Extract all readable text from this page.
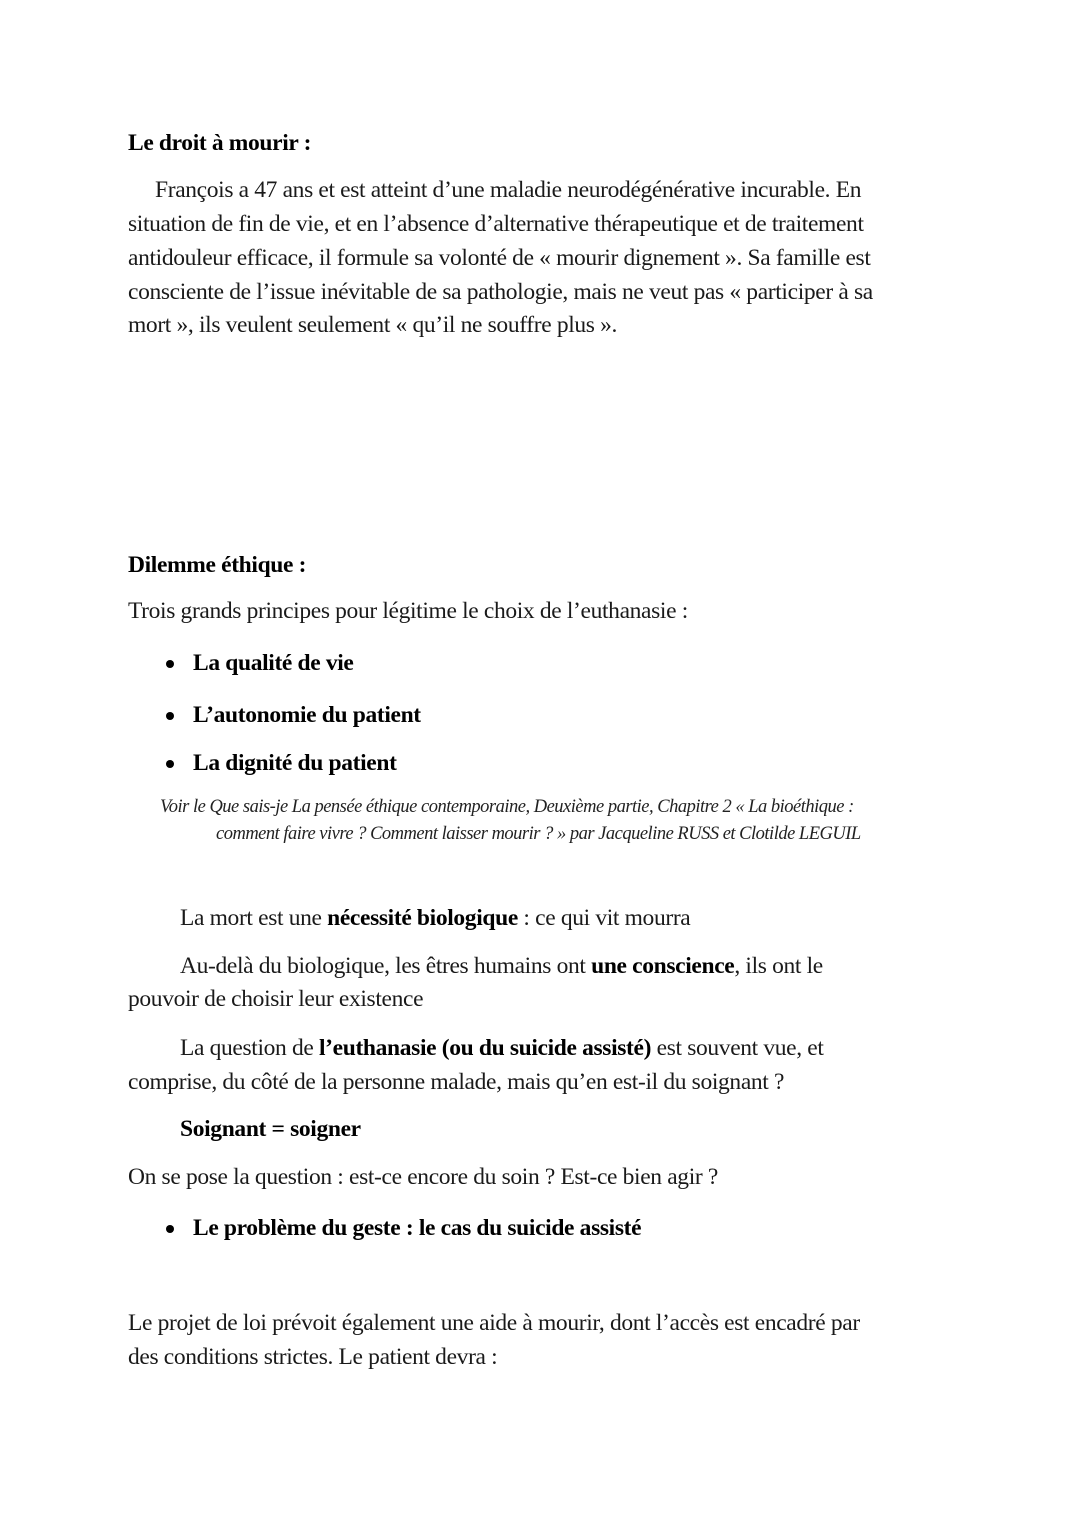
Le droit à mourir :
François a 47 ans et est atteint d’une maladie neurodégénérative incurable. En
situation de fin de vie, et en l’absence d’alternative thérapeutique et de traitement
antidouleur efficace, il formule sa volonté de « mourir dignement ». Sa famille est
consciente de l’issue inévitable de sa pathologie, mais ne veut pas « participer à sa
mort », ils veulent seulement « qu’il ne souffre plus ».
Dilemme éthique :
Trois grands principes pour légitime le choix de l’euthanasie :
La qualité de vie
L’autonomie du patient
La dignité du patient
Voir le Que sais-je La pensée éthique contemporaine, Deuxième partie, Chapitre 2 « La bioéthique :
comment faire vivre ? Comment laisser mourir ? » par Jacqueline RUSS et Clotilde LEGUIL
La mort est une nécessité biologique : ce qui vit mourra
Au-delà du biologique, les êtres humains ont une conscience, ils ont le
pouvoir de choisir leur existence
La question de l’euthanasie (ou du suicide assisté) est souvent vue, et
comprise, du côté de la personne malade, mais qu’en est-il du soignant ?
Soignant = soigner
On se pose la question : est-ce encore du soin ? Est-ce bien agir ?
Le problème du geste : le cas du suicide assisté
Le projet de loi prévoit également une aide à mourir, dont l’accès est encadré par
des conditions strictes. Le patient devra :
